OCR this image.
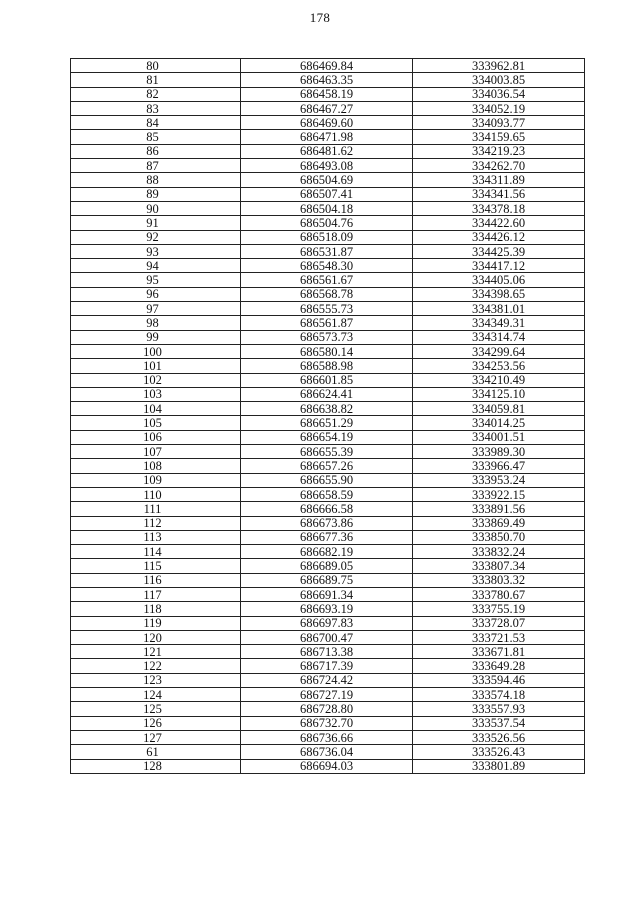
178
80	686469.84	333962.81
81	686463.35	334003.85
82	686458.19	334036.54
83	686467.27	334052.19
84	686469.60	334093.77
85	686471.98	334159.65
86	686481.62	334219.23
87	686493.08	334262.70
88	686504.69	334311.89
89	686507.41	334341.56
90	686504.18	334378.18
91	686504.76	334422.60
92	686518.09	334426.12
93	686531.87	334425.39
94	686548.30	334417.12
95	686561.67	334405.06
96	686568.78	334398.65
97	686555.73	334381.01
98	686561.87	334349.31
99	686573.73	334314.74
100	686580.14	334299.64
101	686588.98	334253.56
102	686601.85	334210.49
103	686624.41	334125.10
104	686638.82	334059.81
105	686651.29	334014.25
106	686654.19	334001.51
107	686655.39	333989.30
108	686657.26	333966.47
109	686655.90	333953.24
110	686658.59	333922.15
111	686666.58	333891.56
112	686673.86	333869.49
113	686677.36	333850.70
114	686682.19	333832.24
115	686689.05	333807.34
116	686689.75	333803.32
117	686691.34	333780.67
118	686693.19	333755.19
119	686697.83	333728.07
120	686700.47	333721.53
121	686713.38	333671.81
122	686717.39	333649.28
123	686724.42	333594.46
124	686727.19	333574.18
125	686728.80	333557.93
126	686732.70	333537.54
127	686736.66	333526.56
61	686736.04	333526.43
128	686694.03	333801.89
